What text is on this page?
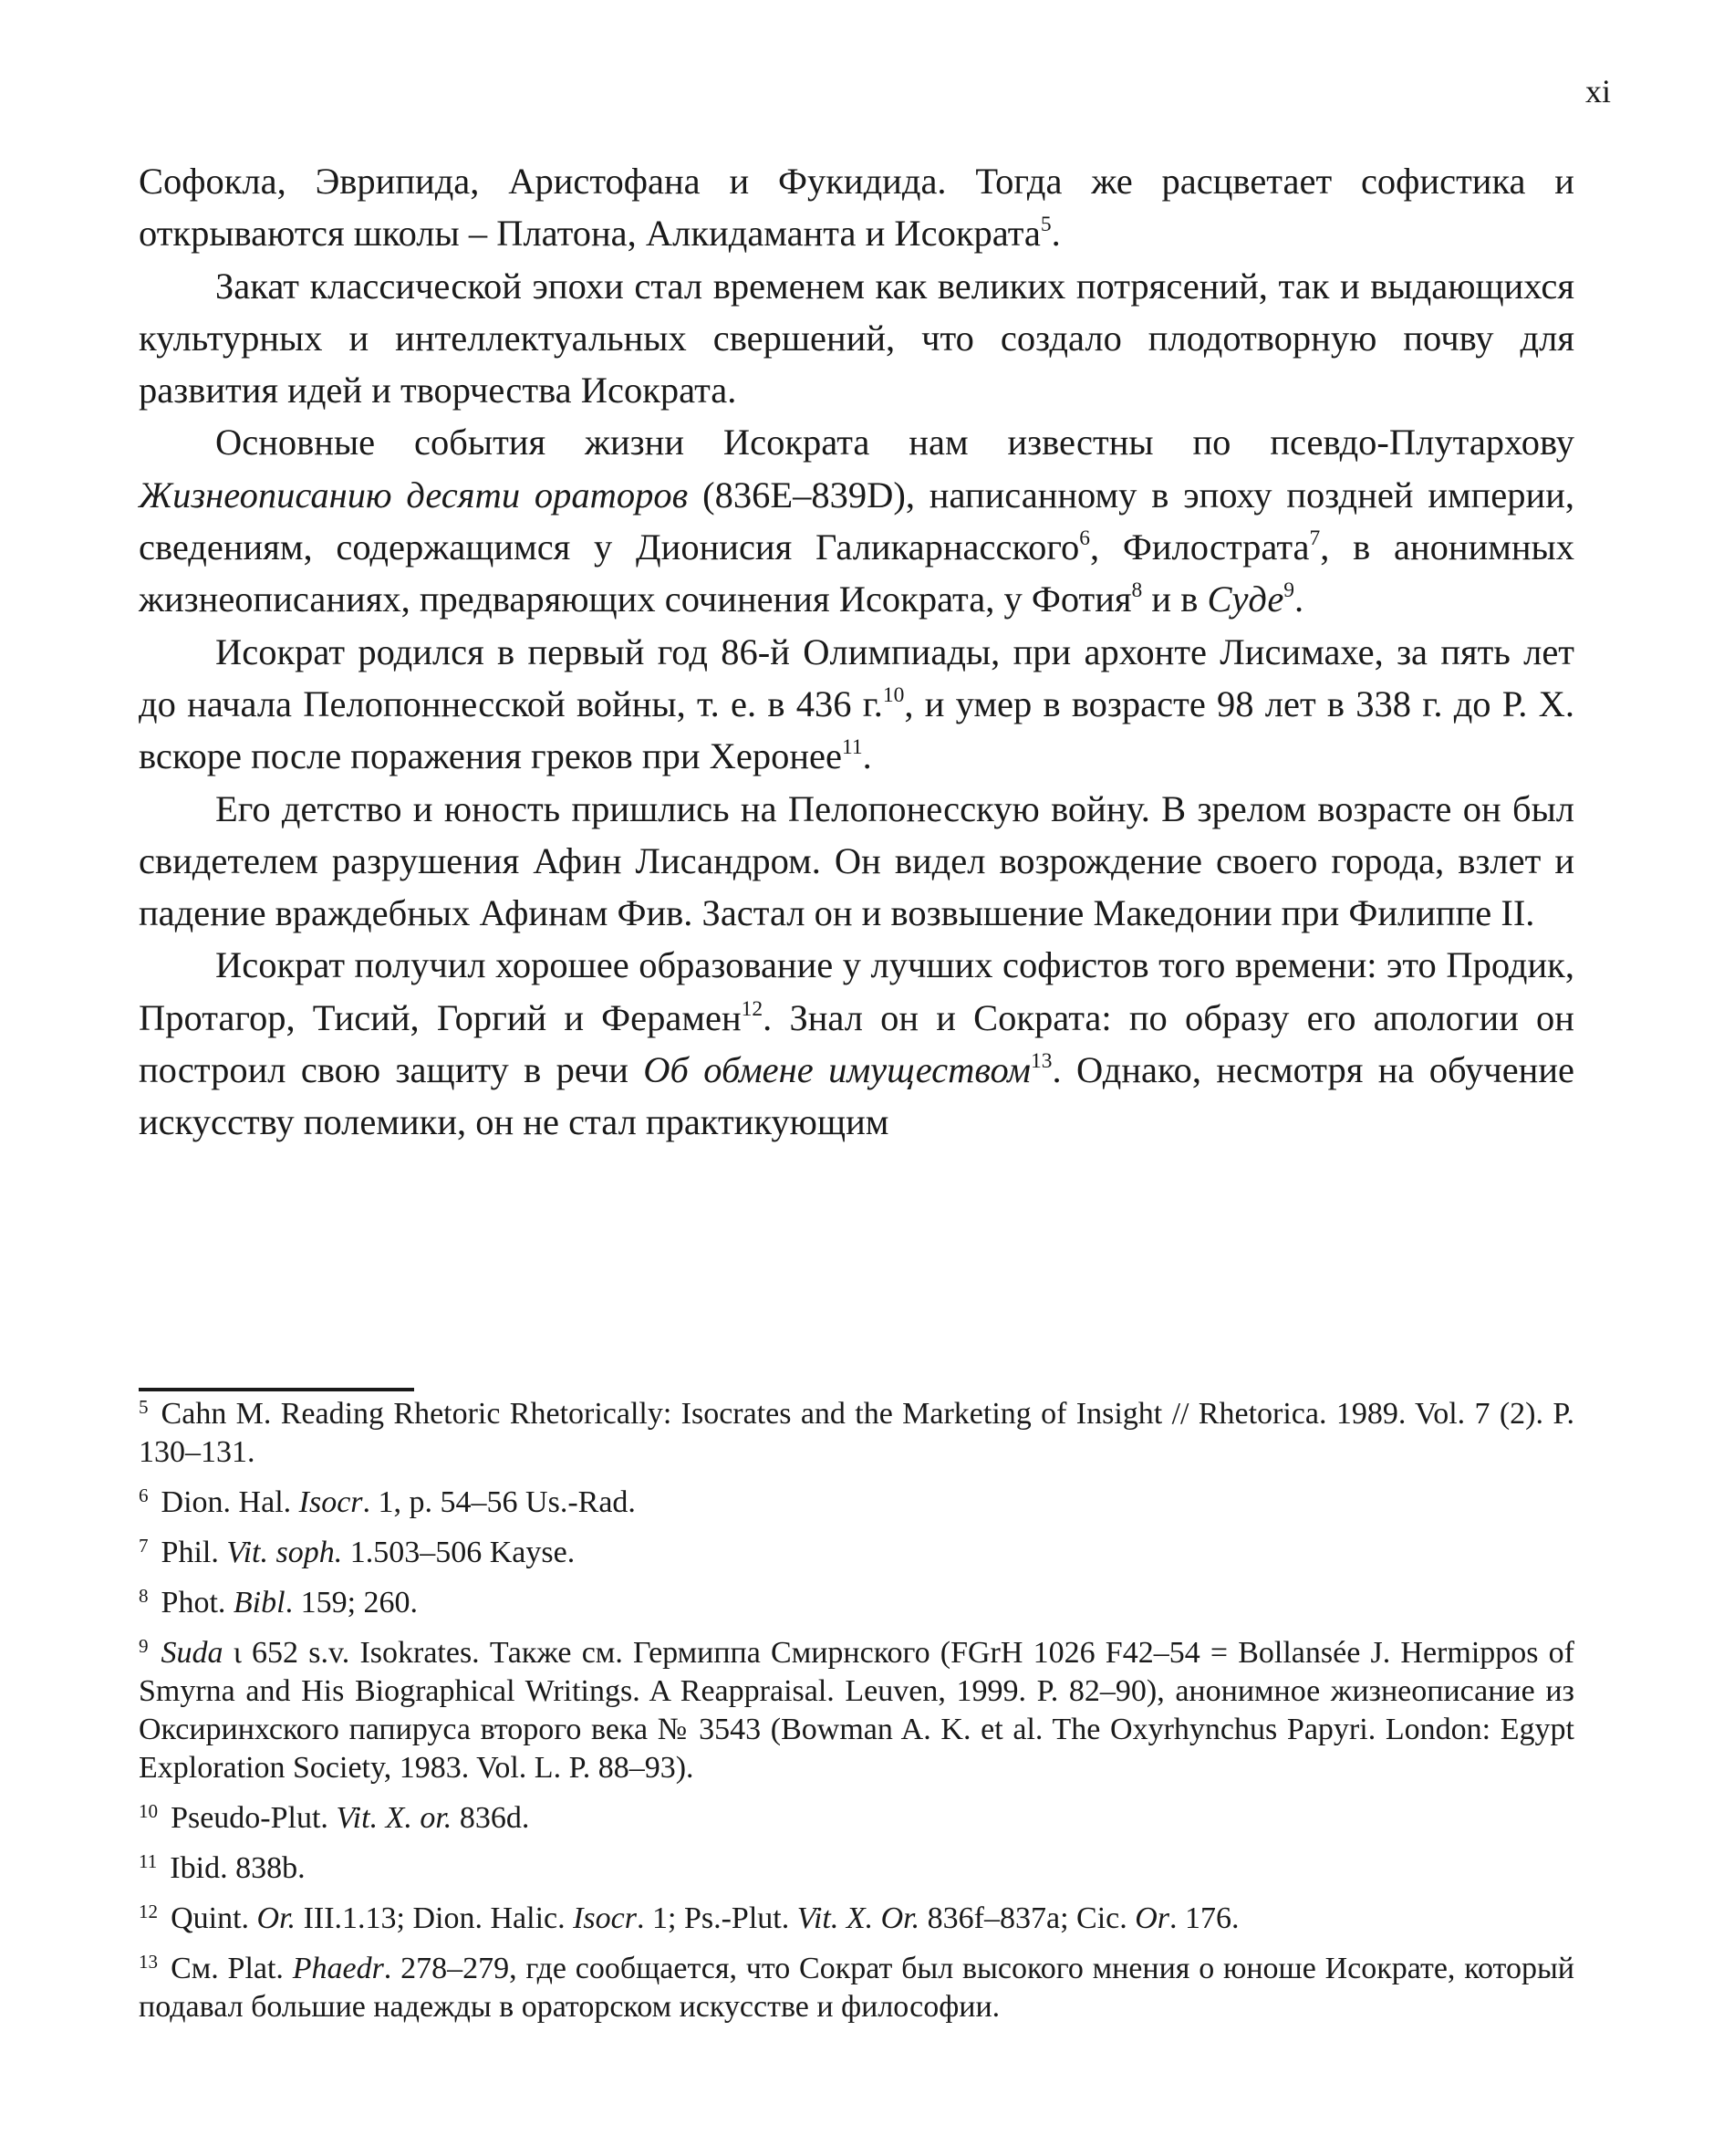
xi

Софокла, Эврипида, Аристофана и Фукидида. Тогда же расцветает софистика и открываются школы – Платона, Алкидаманта и Исократа$^5$.

Закат классической эпохи стал временем как великих потрясений, так и выдающихся культурных и интеллектуальных свершений, что создало плодотворную почву для развития идей и творчества Исократа.

Основные события жизни Исократа нам известны по псевдо-Плутархову Жизнеописанию десяти ораторов (836E–839D), написанному в эпоху поздней империи, сведениям, содержащимся у Дионисия Галикарнасского$^6$, Филострата$^7$, в анонимных жизнеописаниях, предваряющих сочинения Исократа, у Фотия$^8$ и в Суде$^9$.

Исократ родился в первый год 86-й Олимпиады, при архонте Лисимахе, за пять лет до начала Пелопоннесской войны, т. е. в 436 г.$^{10}$, и умер в возрасте 98 лет в 338 г. до Р. Х. вскоре после поражения греков при Херонее$^{11}$.

Его детство и юность пришлись на Пелопонесскую войну. В зрелом возрасте он был свидетелем разрушения Афин Лисандром. Он видел возрождение своего города, взлет и падение враждебных Афинам Фив. Застал он и возвышение Македонии при Филиппе II.

Исократ получил хорошее образование у лучших софистов того времени: это Продик, Протагор, Тисий, Горгий и Ферамен$^{12}$. Знал он и Сократа: по образу его апологии он построил свою защиту в речи Об обмене имуществом$^{13}$. Однако, несмотря на обучение искусству полемики, он не стал практикующим

$^5$ Cahn M. Reading Rhetoric Rhetorically: Isocrates and the Marketing of Insight // Rhetorica. 1989. Vol. 7 (2). P. 130–131.
$^6$ Dion. Hal. Isocr. 1, p. 54–56 Us.-Rad.
$^7$ Phil. Vit. soph. 1.503–506 Kayse.
$^8$ Phot. Bibl. 159; 260.
$^9$ Suda ι 652 s.v. Isokrates. Также см. Гермиппа Смирнского (FGrH 1026 F42–54 = Bollansée J. Hermippos of Smyrna and His Biographical Writings. A Reappraisal. Leuven, 1999. P. 82–90), анонимное жизнеописание из Оксиринхского папируса второго века № 3543 (Bowman A. K. et al. The Oxyrhynchus Papyri. London: Egypt Exploration Society, 1983. Vol. L. P. 88–93).
$^{10}$ Pseudo-Plut. Vit. X. or. 836d.
$^{11}$ Ibid. 838b.
$^{12}$ Quint. Or. III.1.13; Dion. Halic. Isocr. 1; Ps.-Plut. Vit. X. Or. 836f–837a; Cic. Or. 176.
$^{13}$ См. Plat. Phaedr. 278–279, где сообщается, что Сократ был высокого мнения о юноше Исократе, который подавал большие надежды в ораторском искусстве и философии.
